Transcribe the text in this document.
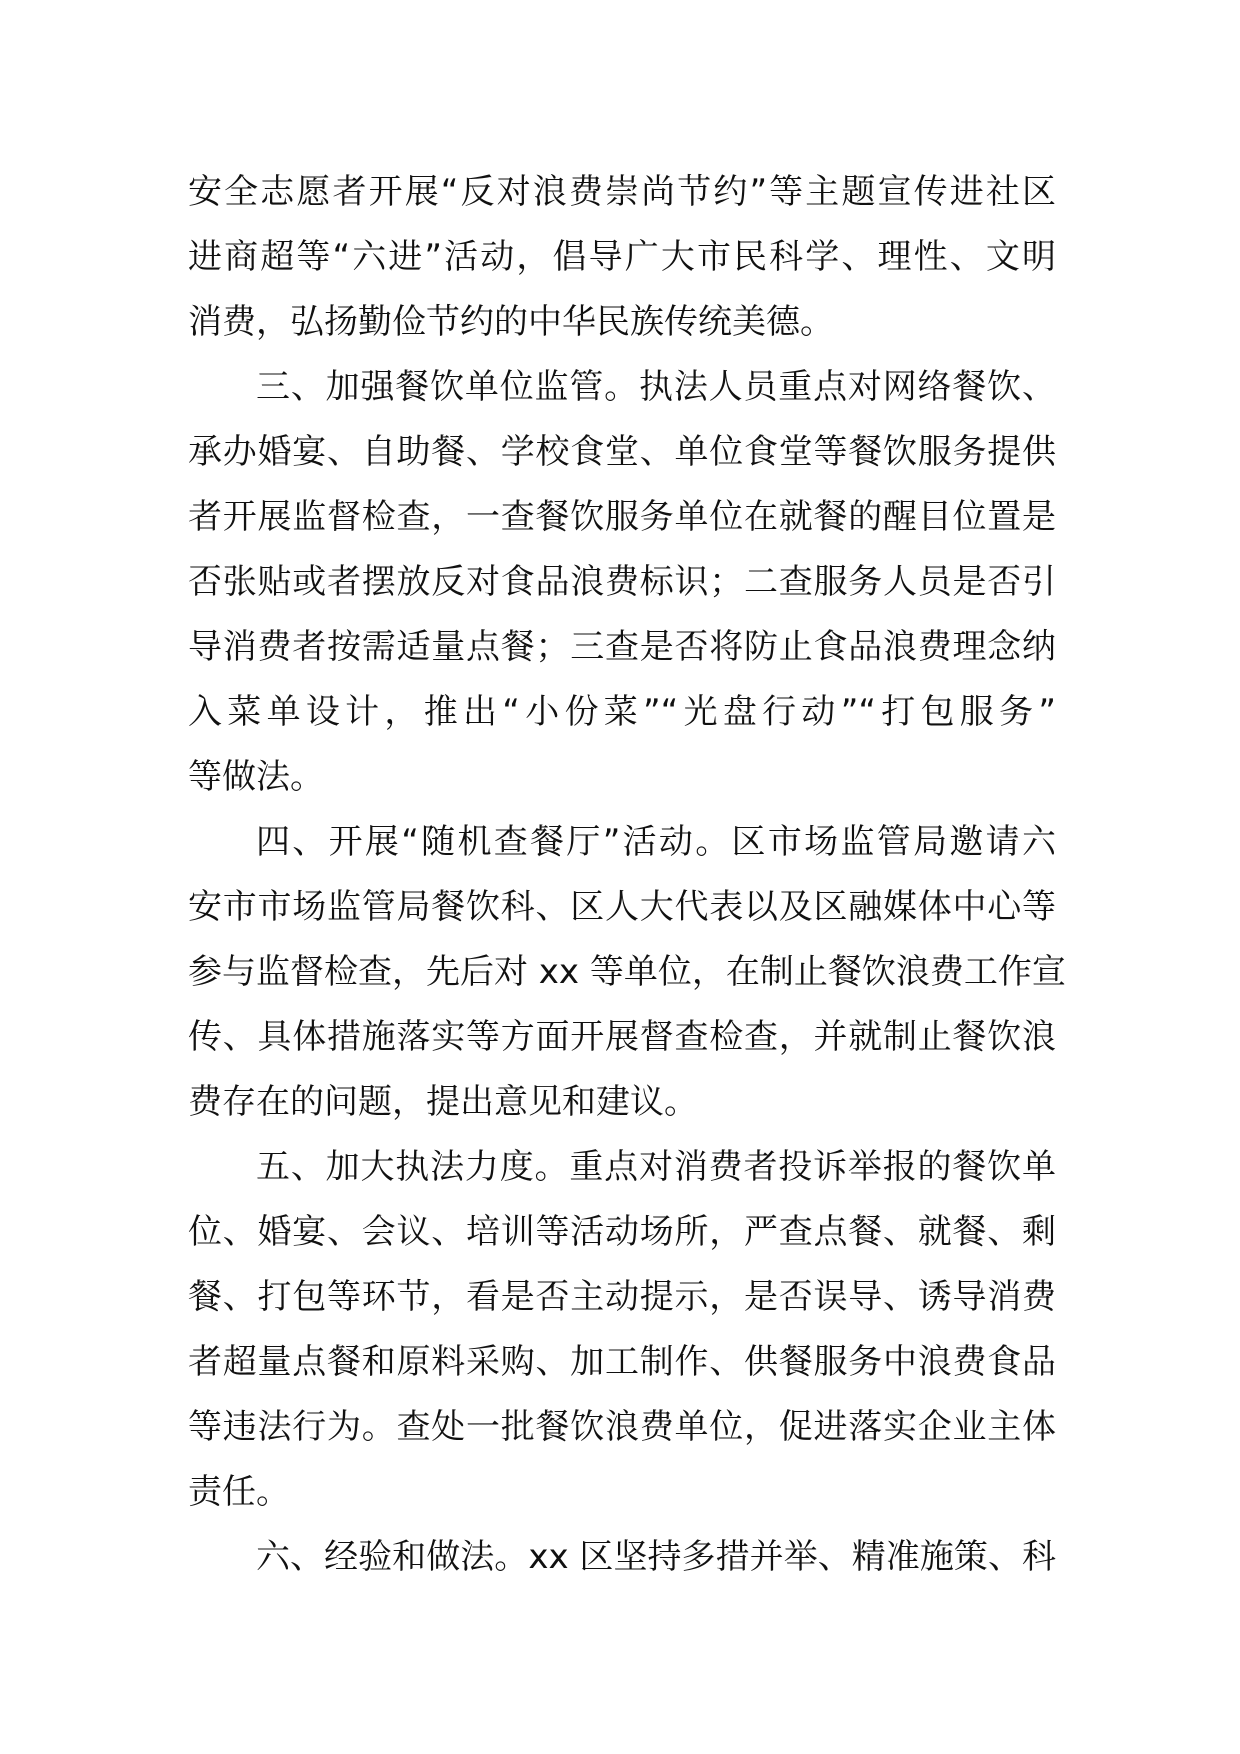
安全志愿者开展“反对浪费崇尚节约”等主题宣传进社区
进商超等“六进”活动，倡导广大市民科学、理性、文明
消费，弘扬勤俭节约的中华民族传统美德。
三、加强餐饮单位监管。执法人员重点对网络餐饮、
承办婚宴、自助餐、学校食堂、单位食堂等餐饮服务提供
者开展监督检查，一查餐饮服务单位在就餐的醒目位置是
否张贴或者摆放反对食品浪费标识；二查服务人员是否引
导消费者按需适量点餐；三查是否将防止食品浪费理念纳
入菜单设计，推出“小份菜”“光盘行动”“打包服务”
等做法。
四、开展“随机查餐厅”活动。区市场监管局邀请六
安市市场监管局餐饮科、区人大代表以及区融媒体中心等
参与监督检查，先后对 xx 等单位，在制止餐饮浪费工作宣
传、具体措施落实等方面开展督查检查，并就制止餐饮浪
费存在的问题，提出意见和建议。
五、加大执法力度。重点对消费者投诉举报的餐饮单
位、婚宴、会议、培训等活动场所，严查点餐、就餐、剩
餐、打包等环节，看是否主动提示，是否误导、诱导消费
者超量点餐和原料采购、加工制作、供餐服务中浪费食品
等违法行为。查处一批餐饮浪费单位，促进落实企业主体
责任。
六、经验和做法。xx 区坚持多措并举、精准施策、科
